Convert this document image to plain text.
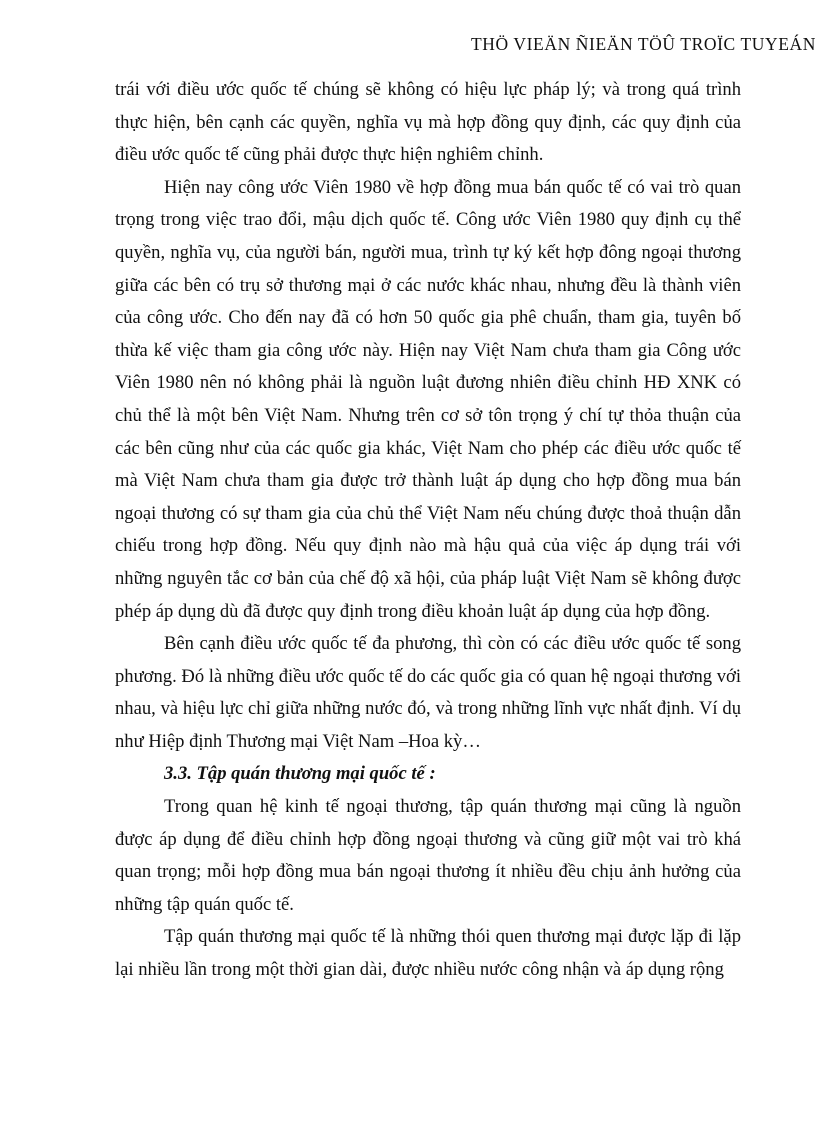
THÖ VIEÄN ÑIEÄN TÖÛ TROÏC TUYEÁN

trái với điều ước quốc tế chúng sẽ không có hiệu lực pháp lý; và trong quá trình thực hiện, bên cạnh các quyền, nghĩa vụ mà hợp đồng quy định, các quy định của điều ước quốc tế cũng phải được thực hiện nghiêm chỉnh.

Hiện nay công ước Viên 1980 về hợp đồng mua bán quốc tế có vai trò quan trọng trong việc trao đổi, mậu dịch quốc tế. Công ước Viên 1980 quy định cụ thể quyền, nghĩa vụ, của người bán, người mua, trình tự ký kết hợp đông ngoại thương giữa các bên có trụ sở thương mại ở các nước khác nhau, nhưng đều là thành viên của công ước. Cho đến nay đã có hơn 50 quốc gia phê chuẩn, tham gia, tuyên bố thừa kế việc tham gia công ước này. Hiện nay Việt Nam chưa tham gia Công ước Viên 1980 nên nó không phải là nguồn luật đương nhiên điều chỉnh HĐ XNK có chủ thể là một bên Việt Nam. Nhưng trên cơ sở tôn trọng ý chí tự thỏa thuận của các bên cũng như của các quốc gia khác, Việt Nam cho phép các điều ước quốc tế mà Việt Nam chưa tham gia được trở thành luật áp dụng cho hợp đồng mua bán ngoại thương có sự tham gia của chủ thể Việt Nam nếu chúng được thoả thuận dẫn chiếu trong hợp đồng. Nếu quy định nào mà hậu quả của việc áp dụng trái với những nguyên tắc cơ bản của chế độ xã hội, của pháp luật Việt Nam sẽ không được phép áp dụng dù đã được quy định trong điều khoản luật áp dụng của hợp đồng.

Bên cạnh điều ước quốc tế đa phương, thì còn có các điều ước quốc tế song phương. Đó là những điều ước quốc tế do các quốc gia có quan hệ ngoại thương với nhau, và hiệu lực chỉ giữa những nước đó, và trong những lĩnh vực nhất định. Ví dụ như Hiệp định Thương mại Việt Nam –Hoa kỳ…

3.3. Tập quán thương mại quốc tế :

Trong quan hệ kinh tế ngoại thương, tập quán thương mại cũng là nguồn được áp dụng để điều chỉnh hợp đồng ngoại thương và cũng giữ một vai trò khá quan trọng; mỗi hợp đồng mua bán ngoại thương ít nhiều đều chịu ảnh hưởng của những tập quán quốc tế.

Tập quán thương mại quốc tế là những thói quen thương mại được lặp đi lặp lại nhiều lần trong một thời gian dài, được nhiều nước công nhận và áp dụng rộng
